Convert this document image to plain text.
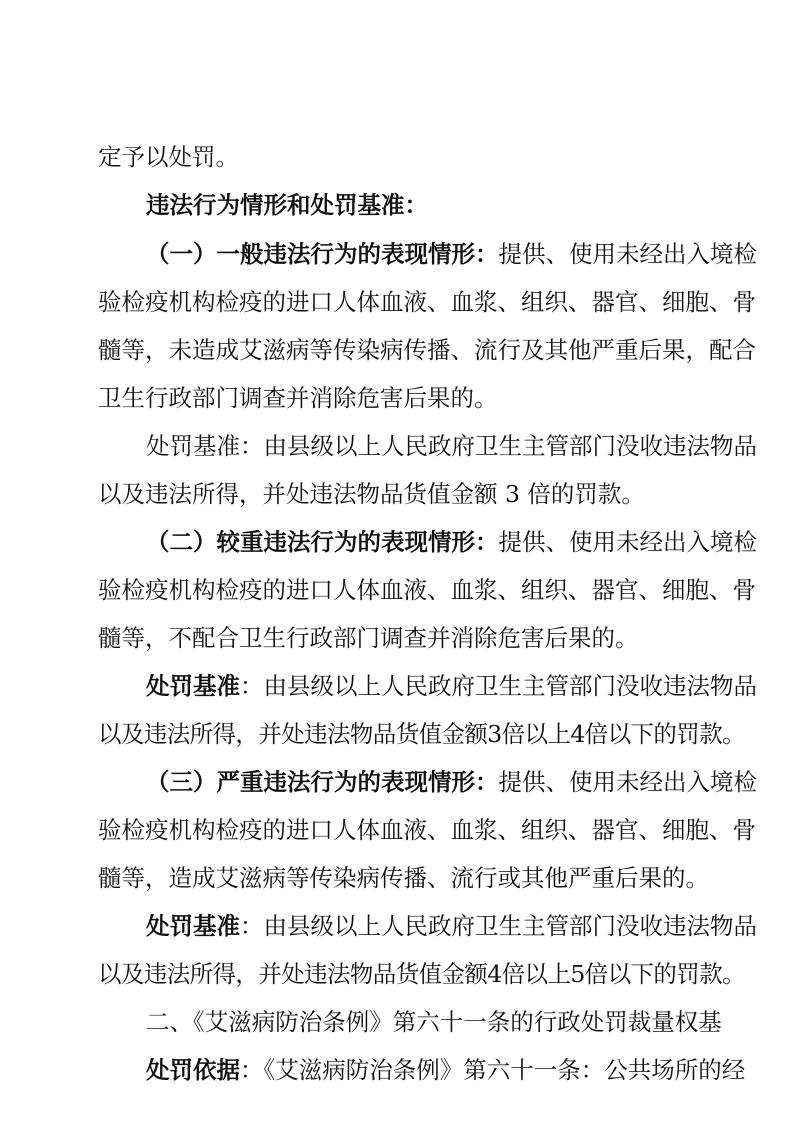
定予以处罚。
违法行为情形和处罚基准：
（一）一般违法行为的表现情形：提供、使用未经出入境检
验检疫机构检疫的进口人体血液、血浆、组织、器官、细胞、骨
髓等，未造成艾滋病等传染病传播、流行及其他严重后果，配合
卫生行政部门调查并消除危害后果的。
处罚基准：由县级以上人民政府卫生主管部门没收违法物品
以及违法所得，并处违法物品货值金额 3 倍的罚款。
（二）较重违法行为的表现情形：提供、使用未经出入境检
验检疫机构检疫的进口人体血液、血浆、组织、器官、细胞、骨
髓等，不配合卫生行政部门调查并消除危害后果的。
处罚基准：由县级以上人民政府卫生主管部门没收违法物品
以及违法所得，并处违法物品货值金额3倍以上4倍以下的罚款。
（三）严重违法行为的表现情形：提供、使用未经出入境检
验检疫机构检疫的进口人体血液、血浆、组织、器官、细胞、骨
髓等，造成艾滋病等传染病传播、流行或其他严重后果的。
处罚基准：由县级以上人民政府卫生主管部门没收违法物品
以及违法所得，并处违法物品货值金额4倍以上5倍以下的罚款。
二、《艾滋病防治条例》第六十一条的行政处罚裁量权基
处罚依据：《艾滋病防治条例》第六十一条：公共场所的经
